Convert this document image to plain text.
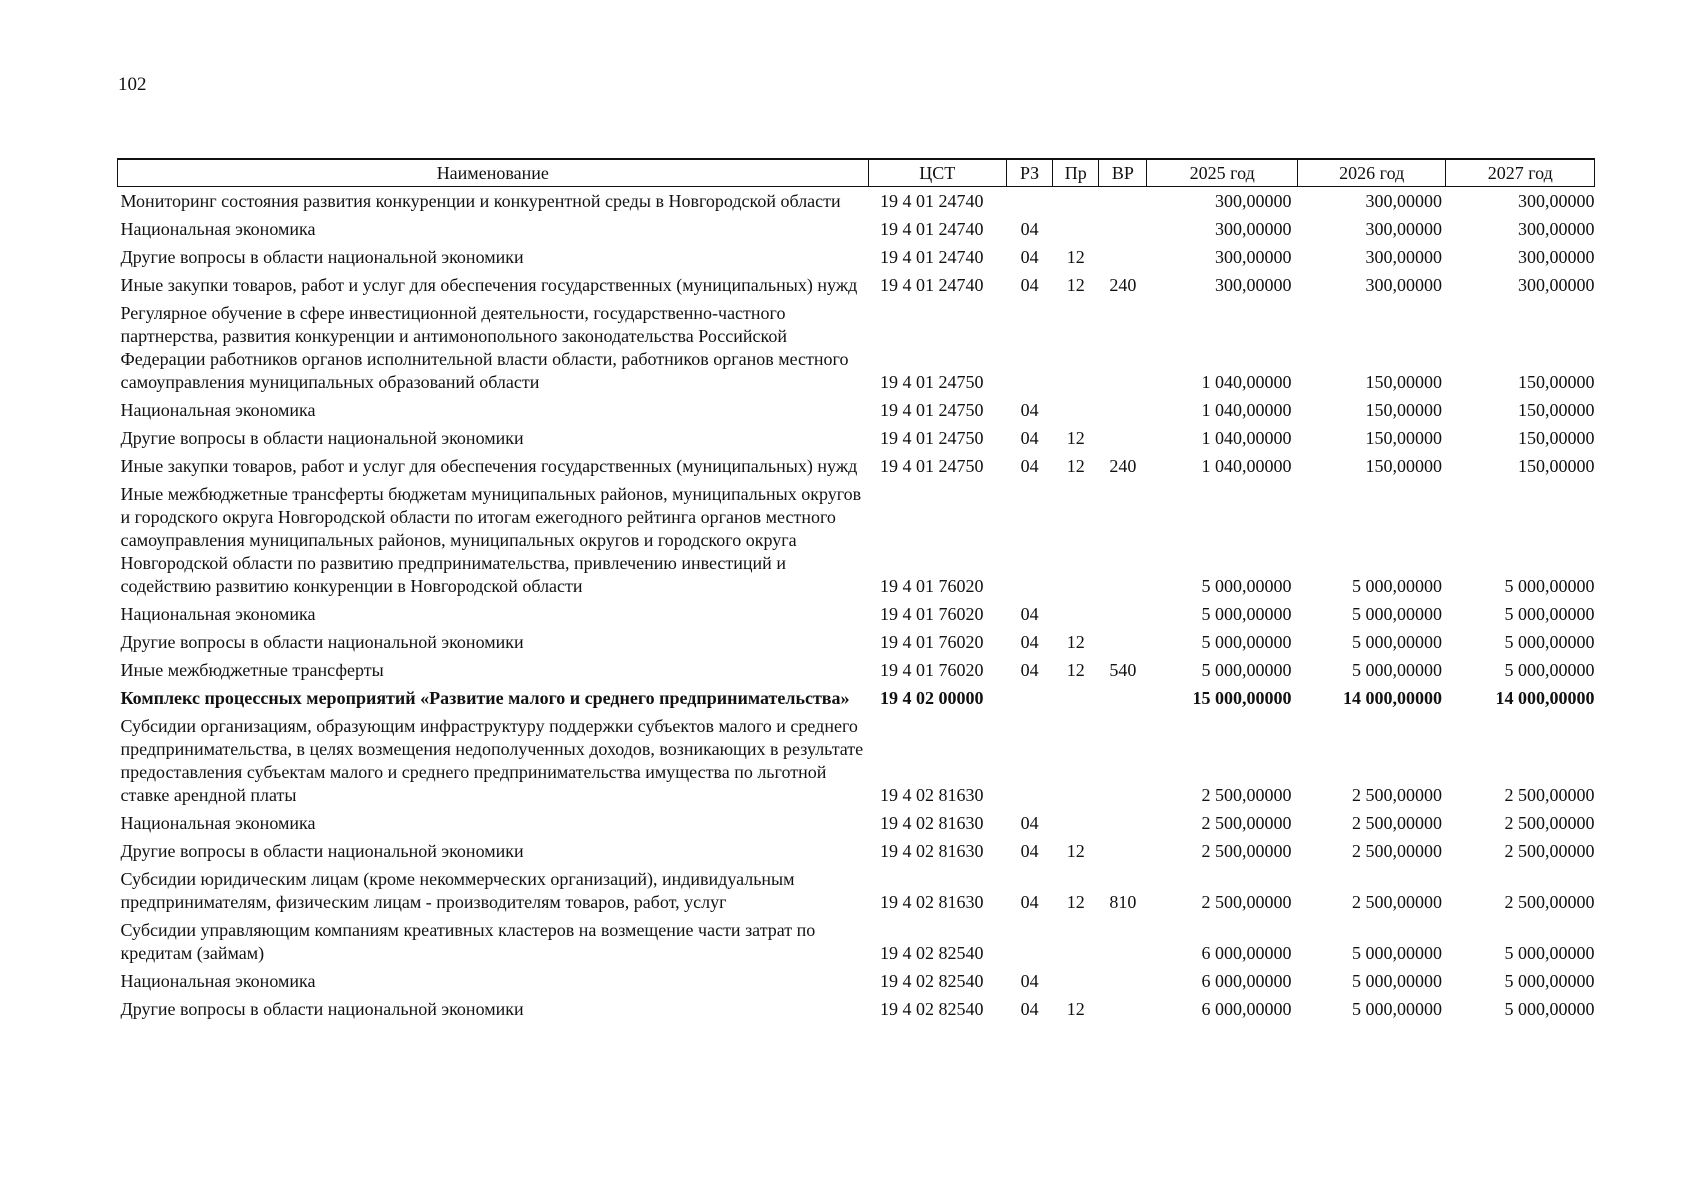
102
Наименование	ЦСТ	РЗ	Пр	ВР	2025 год	2026 год	2027 год
Мониторинг состояния развития конкуренции и конкурентной среды в Новгородской области	19 4 01 24740				300,00000	300,00000	300,00000
Национальная экономика	19 4 01 24740	04			300,00000	300,00000	300,00000
Другие вопросы в области национальной экономики	19 4 01 24740	04	12		300,00000	300,00000	300,00000
Иные закупки товаров, работ и услуг для обеспечения государственных (муниципальных) нужд	19 4 01 24740	04	12	240	300,00000	300,00000	300,00000
Регулярное обучение в сфере инвестиционной деятельности, государственно-частного партнерства, развития конкуренции и антимонопольного законодательства Российской Федерации работников органов исполнительной власти области, работников органов местного самоуправления муниципальных образований области	19 4 01 24750				1 040,00000	150,00000	150,00000
Национальная экономика	19 4 01 24750	04			1 040,00000	150,00000	150,00000
Другие вопросы в области национальной экономики	19 4 01 24750	04	12		1 040,00000	150,00000	150,00000
Иные закупки товаров, работ и услуг для обеспечения государственных (муниципальных) нужд	19 4 01 24750	04	12	240	1 040,00000	150,00000	150,00000
Иные межбюджетные трансферты бюджетам муниципальных районов, муниципальных округов и городского округа Новгородской области по итогам ежегодного рейтинга органов местного самоуправления муниципальных районов, муниципальных округов и городского округа Новгородской области по развитию предпринимательства, привлечению инвестиций и содействию развитию конкуренции в Новгородской области	19 4 01 76020				5 000,00000	5 000,00000	5 000,00000
Национальная экономика	19 4 01 76020	04			5 000,00000	5 000,00000	5 000,00000
Другие вопросы в области национальной экономики	19 4 01 76020	04	12		5 000,00000	5 000,00000	5 000,00000
Иные межбюджетные трансферты	19 4 01 76020	04	12	540	5 000,00000	5 000,00000	5 000,00000
Комплекс процессных мероприятий «Развитие малого и среднего предпринимательства»	19 4 02 00000				15 000,00000	14 000,00000	14 000,00000
Субсидии организациям, образующим инфраструктуру поддержки субъектов малого и среднего предпринимательства, в целях возмещения недополученных доходов, возникающих в результате предоставления субъектам малого и среднего предпринимательства имущества по льготной ставке арендной платы	19 4 02 81630				2 500,00000	2 500,00000	2 500,00000
Национальная экономика	19 4 02 81630	04			2 500,00000	2 500,00000	2 500,00000
Другие вопросы в области национальной экономики	19 4 02 81630	04	12		2 500,00000	2 500,00000	2 500,00000
Субсидии юридическим лицам (кроме некоммерческих организаций), индивидуальным предпринимателям, физическим лицам - производителям товаров, работ, услуг	19 4 02 81630	04	12	810	2 500,00000	2 500,00000	2 500,00000
Субсидии управляющим компаниям креативных кластеров на возмещение части затрат по кредитам (займам)	19 4 02 82540				6 000,00000	5 000,00000	5 000,00000
Национальная экономика	19 4 02 82540	04			6 000,00000	5 000,00000	5 000,00000
Другие вопросы в области национальной экономики	19 4 02 82540	04	12		6 000,00000	5 000,00000	5 000,00000
